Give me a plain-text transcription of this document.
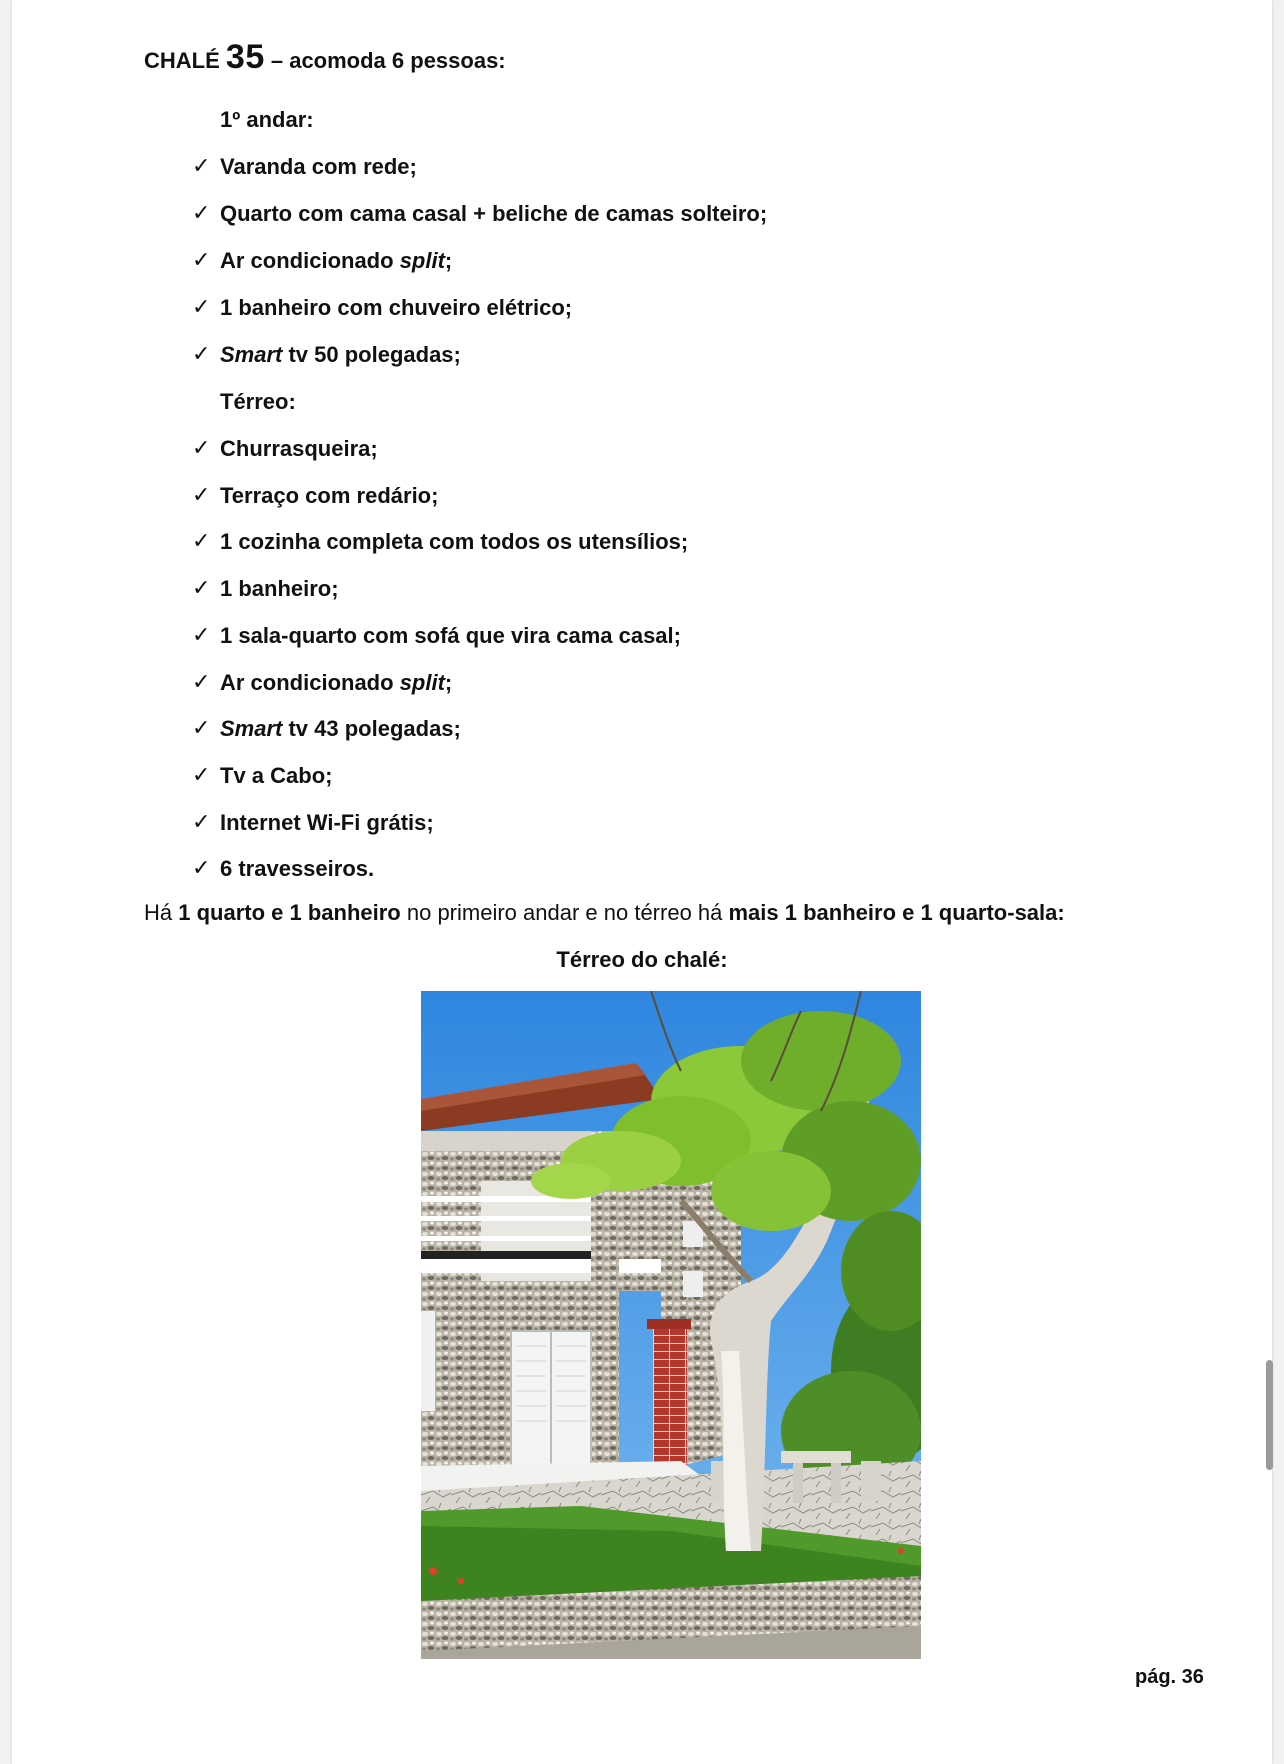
CHALÉ 35 – acomoda 6 pessoas:
1º andar:
✓ Varanda com rede;
✓ Quarto com cama casal + beliche de camas solteiro;
✓ Ar condicionado split;
✓ 1 banheiro com chuveiro elétrico;
✓ Smart tv 50 polegadas;
Térreo:
✓ Churrasqueira;
✓ Terraço com redário;
✓ 1 cozinha completa com todos os utensílios;
✓ 1 banheiro;
✓ 1 sala-quarto com sofá que vira cama casal;
✓ Ar condicionado split;
✓ Smart tv 43 polegadas;
✓ Tv a Cabo;
✓ Internet Wi-Fi grátis;
✓ 6 travesseiros.
Há 1 quarto e 1 banheiro no primeiro andar e no térreo há mais 1 banheiro e 1 quarto-sala:
Térreo do chalé:
pág. 36
